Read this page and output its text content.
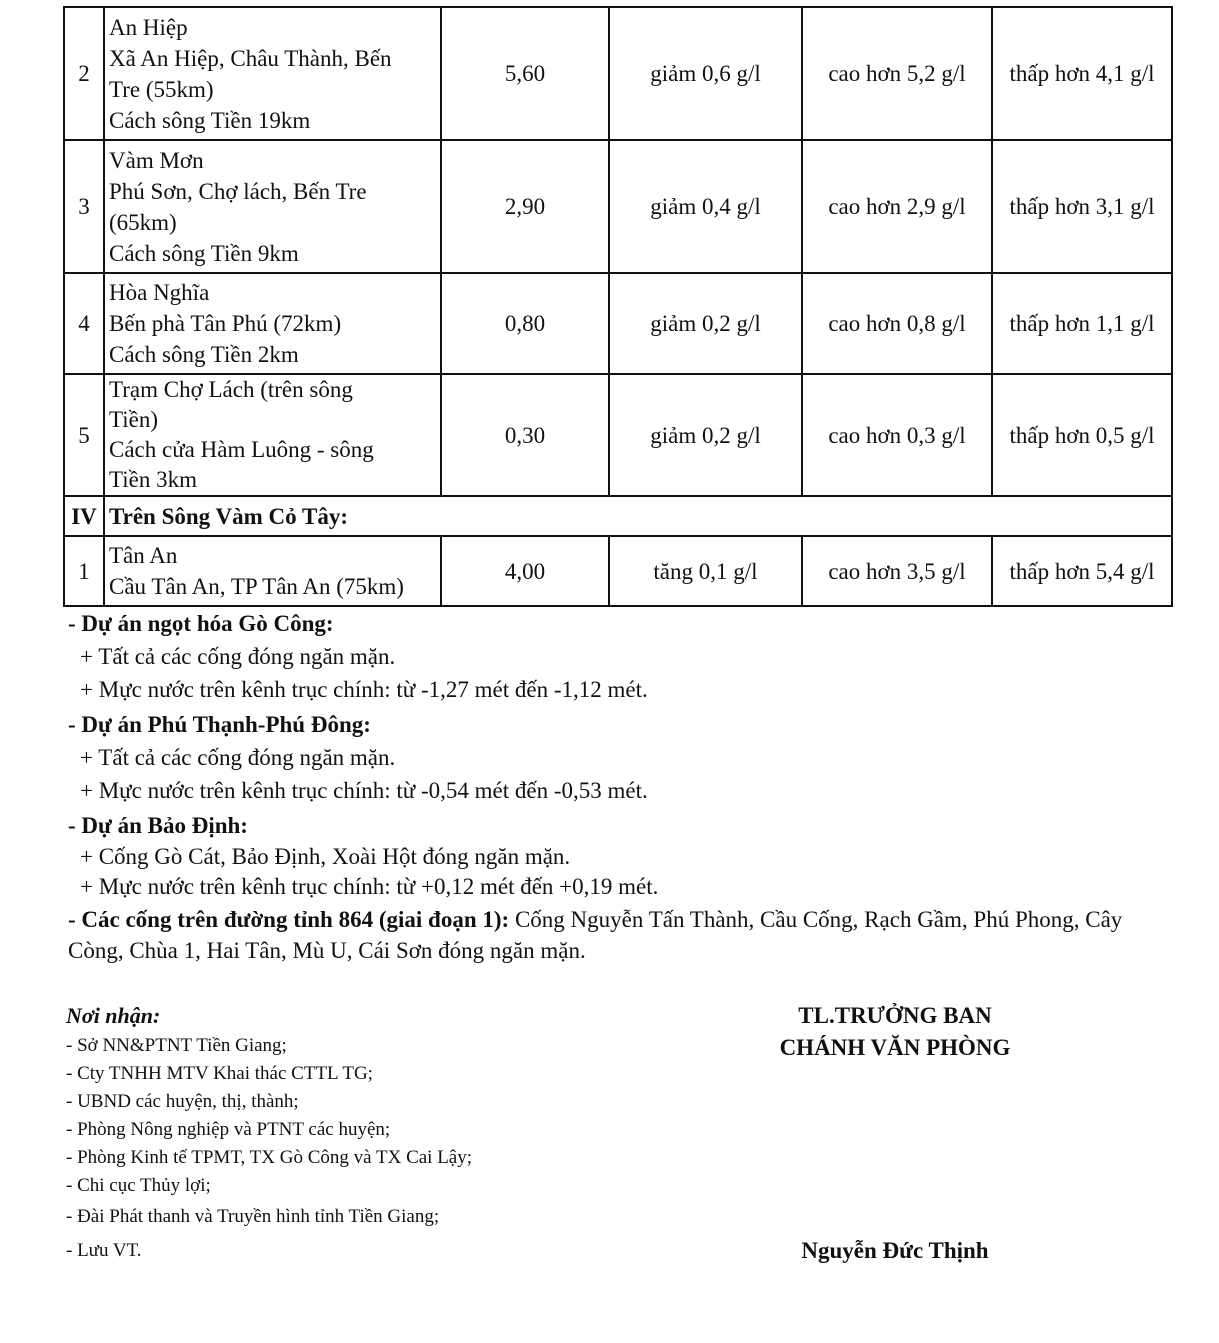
2	An Hiệp
Xã An Hiệp, Châu Thành, Bến
Tre (55km)
Cách sông Tiền 19km	5,60	giảm 0,6 g/l	cao hơn 5,2 g/l	thấp hơn 4,1 g/l
3	Vàm Mơn
Phú Sơn, Chợ lách, Bến Tre
(65km)
Cách sông Tiền 9km	2,90	giảm 0,4 g/l	cao hơn 2,9 g/l	thấp hơn 3,1 g/l
4	Hòa Nghĩa
Bến phà Tân Phú (72km)
Cách sông Tiền 2km	0,80	giảm 0,2 g/l	cao hơn 0,8 g/l	thấp hơn 1,1 g/l
5	Trạm Chợ Lách (trên sông
Tiền)
Cách cửa Hàm Luông - sông
Tiền 3km	0,30	giảm 0,2 g/l	cao hơn 0,3 g/l	thấp hơn 0,5 g/l
IV	Trên Sông Vàm Cỏ Tây:				
1	Tân An
Cầu Tân An, TP Tân An (75km)	4,00	tăng 0,1 g/l	cao hơn 3,5 g/l	thấp hơn 5,4 g/l
- Dự án ngọt hóa Gò Công:
+ Tất cả các cống đóng ngăn mặn.
+ Mực nước trên kênh trục chính: từ -1,27 mét đến -1,12 mét.
- Dự án Phú Thạnh-Phú Đông:
+ Tất cả các cống đóng ngăn mặn.
+ Mực nước trên kênh trục chính: từ -0,54 mét đến -0,53 mét.
- Dự án Bảo Định:
+ Cống Gò Cát, Bảo Định, Xoài Hột đóng ngăn mặn.
+ Mực nước trên kênh trục chính: từ +0,12 mét đến +0,19 mét.
- Các cống trên đường tỉnh 864 (giai đoạn 1): Cống Nguyễn Tấn Thành, Cầu Cống, Rạch Gầm, Phú Phong, Cây Còng, Chùa 1, Hai Tân, Mù U, Cái Sơn đóng ngăn mặn.
Nơi nhận:
- Sở NN&PTNT Tiền Giang;
- Cty TNHH MTV Khai thác CTTL TG;
- UBND các huyện, thị, thành;
- Phòng Nông nghiệp và PTNT các huyện;
- Phòng Kinh tế TPMT, TX Gò Công và TX Cai Lậy;
- Chi cục Thủy lợi;
- Đài Phát thanh và Truyền hình tỉnh Tiền Giang;
- Lưu VT.
TL.TRƯỞNG BAN
CHÁNH VĂN PHÒNG
Nguyễn Đức Thịnh
